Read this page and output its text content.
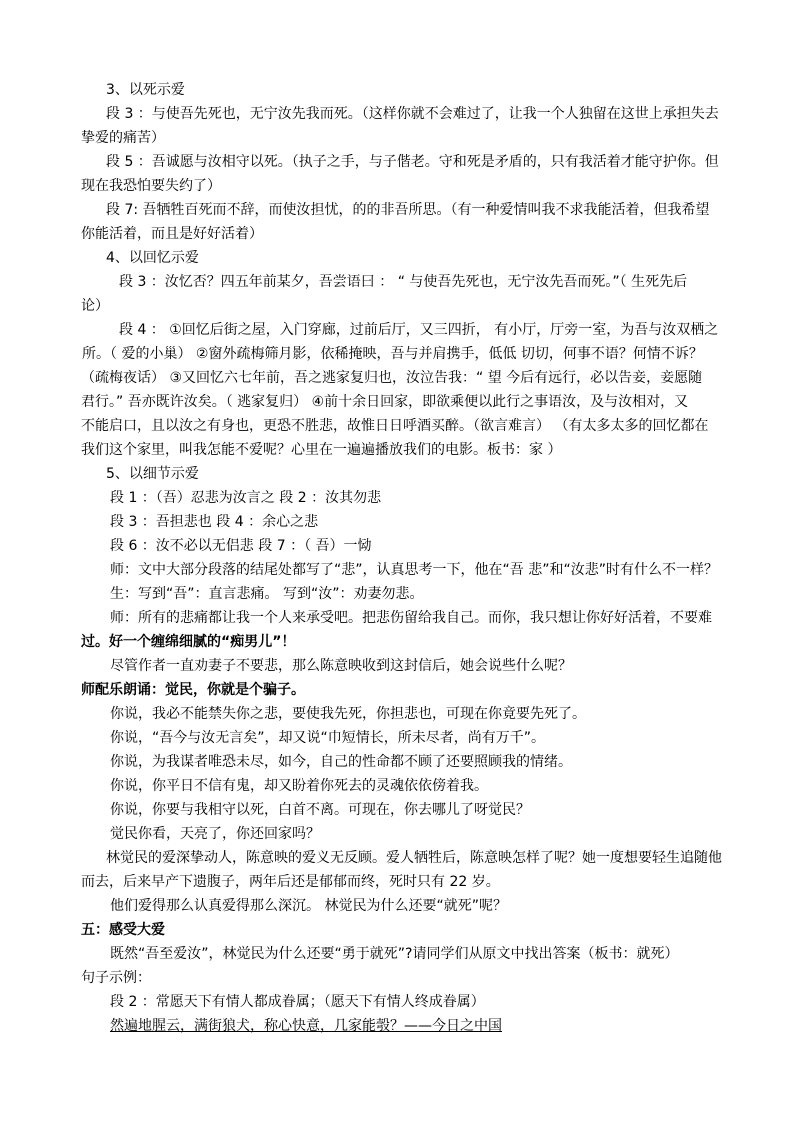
3、以死示爱
段 3 ：与使吾先死也，无宁汝先我而死。（这样你就不会难过了，让我一个人独留在这世上承担失去
挚爱的痛苦）
段 5 ：吾诚愿与汝相守以死。（执子之手，与子偕老。守和死是矛盾的，只有我活着才能守护你。但
现在我恐怕要失约了）
段 7: 吾牺牲百死而不辞，而使汝担忧，的的非吾所思。（有一种爱情叫我不求我能活着，但我希望
你能活着，而且是好好活着）
4、以回忆示爱
段 3 ：汝忆否？四五年前某夕，吾尝语曰 ： “ 与使吾先死也，无宁汝先吾而死。”（ 生死先后
论）
段 4 ： ①回忆后街之屋，入门穿廊，过前后厅，又三四折， 有小厅，厅旁一室，为吾与汝双栖之
所。（ 爱的小巢） ②窗外疏梅筛月影，依稀掩映，吾与并肩携手，低低 切切，何事不语？何情不诉？
（疏梅夜话） ③又回忆六七年前，吾之逃家复归也，汝泣告我：“ 望 今后有远行，必以告妾，妾愿随
君行。” 吾亦既许汝矣。（ 逃家复归） ④前十余日回家，即欲乘便以此行之事语汝，及与汝相对，又
不能启口，且以汝之有身也，更恐不胜悲，故惟日日呼酒买醉。（欲言难言） （有太多太多的回忆都在
我们这个家里，叫我怎能不爱呢？心里在一遍遍播放我们的电影。板书：家 ）
5、以细节示爱
段 1 ：（吾）忍悲为汝言之 段 2 ：汝其勿悲
段 3 ：吾担悲也 段 4 ：余心之悲
段 6 ：汝不必以无侣悲 段 7 ：（ 吾）一恸
师：文中大部分段落的结尾处都写了“悲”，认真思考一下，他在“吾 悲”和“汝悲”时有什么不一样？
生：写到“吾”：直言悲痛。 写到“汝”：劝妻勿悲。
师：所有的悲痛都让我一个人来承受吧。把悲伤留给我自己。而你，我只想让你好好活着，不要难
过。好一个缠绵细腻的“痴男儿”！
尽管作者一直劝妻子不要悲，那么陈意映收到这封信后，她会说些什么呢？
师配乐朗诵：觉民，你就是个骗子。
你说，我必不能禁失你之悲，要使我先死，你担悲也，可现在你竟要先死了。
你说，“吾今与汝无言矣”，却又说“巾短情长，所未尽者，尚有万千”。
你说，为我谋者唯恐未尽，如今，自己的性命都不顾了还要照顾我的情绪。
你说，你平日不信有鬼，却又盼着你死去的灵魂依依傍着我。
你说，你要与我相守以死，白首不离。可现在，你去哪儿了呀觉民？
觉民你看，天亮了，你还回家吗？
林觉民的爱深挚动人，陈意映的爱义无反顾。爱人牺牲后，陈意映怎样了呢？她一度想要轻生追随他
而去，后来早产下遗腹子，两年后还是郁郁而终，死时只有 22 岁。
他们爱得那么认真爱得那么深沉。 林觉民为什么还要“就死”呢？
五：感受大爱
既然“吾至爱汝”，林觉民为什么还要“勇于就死”?请同学们从原文中找出答案（板书：就死）
句子示例：
段 2 ：常愿天下有情人都成眷属；（愿天下有情人终成眷属）
然遍地腥云，满街狼犬，称心快意，几家能彀？——今日之中国
